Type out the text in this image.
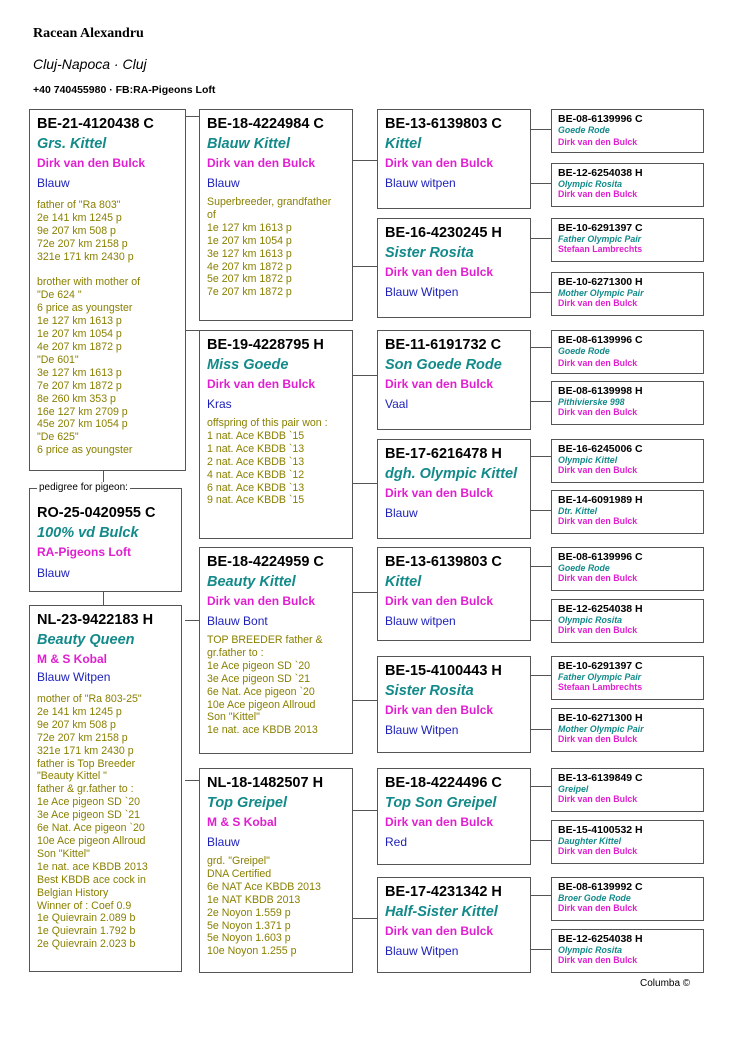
Racean Alexandru
Cluj-Napoca · Cluj
+40 740455980 · FB:RA-Pigeons Loft
BE-21-4120438 C
Grs. Kittel
Dirk van den Bulck
Blauw
father of "Ra 803"
2e 141 km 1245 p
9e 207 km 508 p
72e 207 km 2158 p
321e 171 km 2430 p

brother with mother of
"De 624 "
6 price as youngster
1e 127 km 1613 p
1e 207 km 1054 p
4e 207 km 1872 p
"De 601"
3e 127 km 1613 p
7e 207 km 1872 p
8e 260 km 353 p
16e 127 km 2709 p
45e 207 km 1054 p
"De 625"
6 price as youngster
pedigree for pigeon:
RO-25-0420955 C
100% vd Bulck
RA-Pigeons Loft
Blauw
NL-23-9422183 H
Beauty Queen
M & S Kobal
Blauw Witpen
mother of "Ra 803-25"
2e 141 km 1245 p
9e 207 km 508 p
72e 207 km 2158 p
321e 171 km 2430 p
father is Top Breeder
"Beauty Kittel "
father & gr.father to :
1e Ace pigeon SD `20
3e Ace pigeon SD `21
6e Nat. Ace pigeon `20
10e Ace pigeon Allroud
Son "Kittel"
1e nat. ace KBDB 2013
Best KBDB ace cock in
Belgian History
Winner of : Coef 0.9
1e Quievrain 2.089 b
1e Quievrain 1.792 b
2e Quievrain 2.023 b
BE-18-4224984 C
Blauw Kittel
Dirk van den Bulck
Blauw
Superbreeder, grandfather
of
1e 127 km 1613 p
1e 207 km 1054 p
3e 127 km 1613 p
4e 207 km 1872 p
5e 207 km 1872 p
7e 207 km 1872 p
BE-19-4228795 H
Miss Goede
Dirk van den Bulck
Kras
offspring of this pair won :
1 nat. Ace KBDB `15
1 nat. Ace KBDB `13
2 nat. Ace KBDB `13
4 nat. Ace KBDB `12
6 nat. Ace KBDB `13
9 nat. Ace KBDB `15
BE-18-4224959 C
Beauty Kittel
Dirk van den Bulck
Blauw Bont
TOP BREEDER father &
gr.father to :
1e Ace pigeon SD `20
3e Ace pigeon SD `21
6e Nat. Ace pigeon `20
10e Ace pigeon Allroud
Son "Kittel"
1e nat. ace KBDB 2013
NL-18-1482507 H
Top Greipel
M & S Kobal
Blauw
grd. "Greipel"
DNA Certified
6e NAT Ace KBDB 2013
1e NAT KBDB 2013
2e Noyon 1.559 p
5e Noyon 1.371 p
5e Noyon 1.603 p
10e Noyon 1.255 p
BE-13-6139803 C
Kittel
Dirk van den Bulck
Blauw witpen
BE-16-4230245 H
Sister Rosita
Dirk van den Bulck
Blauw Witpen
BE-11-6191732 C
Son Goede Rode
Dirk van den Bulck
Vaal
BE-17-6216478 H
dgh. Olympic Kittel
Dirk van den Bulck
Blauw
BE-13-6139803 C
Kittel
Dirk van den Bulck
Blauw witpen
BE-15-4100443 H
Sister Rosita
Dirk van den Bulck
Blauw Witpen
BE-18-4224496 C
Top Son Greipel
Dirk van den Bulck
Red
BE-17-4231342 H
Half-Sister Kittel
Dirk van den Bulck
Blauw Witpen
BE-08-6139996 C
Goede Rode
Dirk van den Bulck
BE-12-6254038 H
Olympic Rosita
Dirk van den Bulck
BE-10-6291397 C
Father Olympic Pair
Stefaan Lambrechts
BE-10-6271300 H
Mother Olympic Pair
Dirk van den Bulck
BE-08-6139996 C
Goede Rode
Dirk van den Bulck
BE-08-6139998 H
Pithivierske 998
Dirk van den Bulck
BE-16-6245006 C
Olympic Kittel
Dirk van den Bulck
BE-14-6091989 H
Dtr. Kittel
Dirk van den Bulck
BE-08-6139996 C
Goede Rode
Dirk van den Bulck
BE-12-6254038 H
Olympic Rosita
Dirk van den Bulck
BE-10-6291397 C
Father Olympic Pair
Stefaan Lambrechts
BE-10-6271300 H
Mother Olympic Pair
Dirk van den Bulck
BE-13-6139849 C
Greipel
Dirk van den Bulck
BE-15-4100532 H
Daughter Kittel
Dirk van den Bulck
BE-08-6139992 C
Broer Gode Rode
Dirk van den Bulck
BE-12-6254038 H
Olympic Rosita
Dirk van den Bulck
Columba ©
